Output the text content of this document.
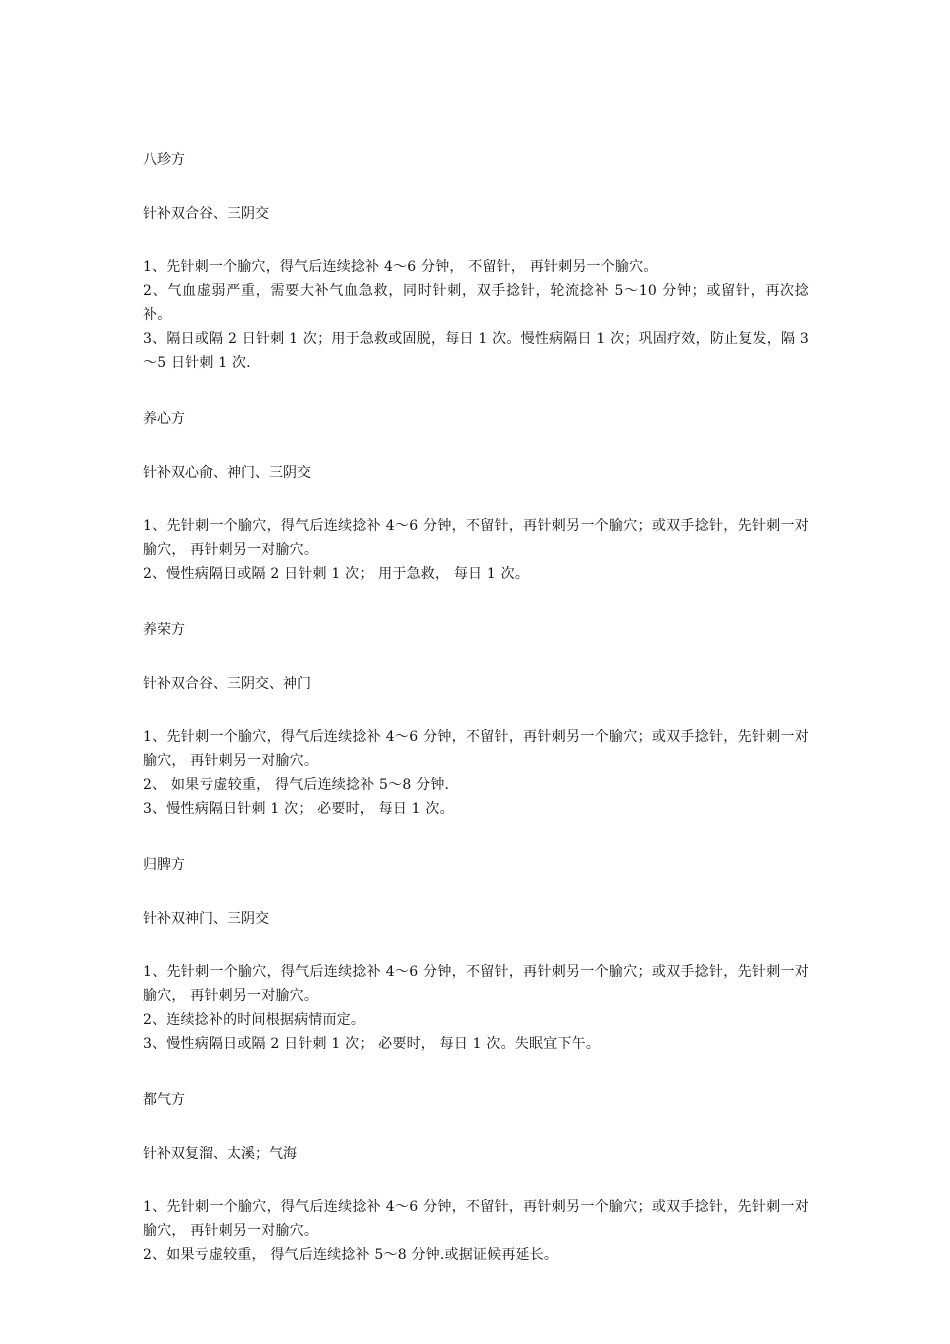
八珍方

针补双合谷、三阴交

1、先针刺一个腧穴，得气后连续捻补 4～6 分钟， 不留针， 再针刺另一个腧穴。
2、气血虚弱严重，需要大补气血急救，同时针刺，双手捻针，轮流捻补 5～10 分钟；或留针，再次捻补。
3、隔日或隔 2 日针刺 1 次；用于急救或固脱，每日 1 次。慢性病隔日 1 次；巩固疗效，防止复发，隔 3～5 日针刺 1 次.
养心方

针补双心俞、神门、三阴交

1、先针刺一个腧穴，得气后连续捻补 4～6 分钟，不留针，再针刺另一个腧穴；或双手捻针，先针刺一对腧穴， 再针刺另一对腧穴。
2、慢性病隔日或隔 2 日针刺 1 次； 用于急救， 每日 1 次。
养荣方

针补双合谷、三阴交、神门

1、先针刺一个腧穴，得气后连续捻补 4～6 分钟，不留针，再针刺另一个腧穴；或双手捻针，先针刺一对腧穴， 再针刺另一对腧穴。
2、 如果亏虚较重， 得气后连续捻补 5～8 分钟.
3、慢性病隔日针刺 1 次； 必要时， 每日 1 次。
归脾方

针补双神门、三阴交

1、先针刺一个腧穴，得气后连续捻补 4～6 分钟，不留针，再针刺另一个腧穴；或双手捻针，先针刺一对腧穴， 再针刺另一对腧穴。
2、连续捻补的时间根据病情而定。
3、慢性病隔日或隔 2 日针刺 1 次； 必要时， 每日 1 次。失眠宜下午。
都气方

针补双复溜、太溪；气海

1、先针刺一个腧穴，得气后连续捻补 4～6 分钟，不留针，再针刺另一个腧穴；或双手捻针，先针刺一对腧穴， 再针刺另一对腧穴。
2、如果亏虚较重， 得气后连续捻补 5～8 分钟.或据证候再延长。
